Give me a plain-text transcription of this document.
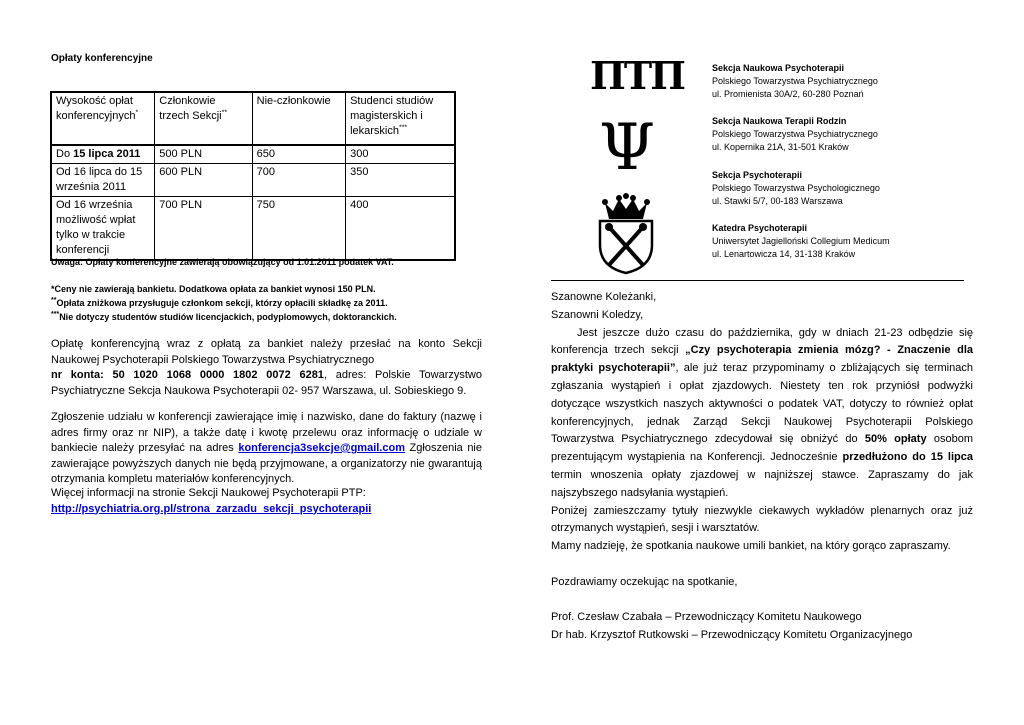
Opłaty konferencyjne
Wysokość opłat konferencyjnych*	Członkowie trzech Sekcji**	Nie-członkowie	Studenci studiów magisterskich i lekarskich***
Do 15 lipca 2011	500 PLN	650	300
Od 16 lipca do 15 września 2011	600 PLN	700	350
Od 16 września możliwość wpłat tylko w trakcie konferencji	700 PLN	750	400
Uwaga: Opłaty konferencyjne zawierają obowiązujący od 1.01.2011 podatek VAT.
*Ceny nie zawierają bankietu. Dodatkowa opłata za bankiet wynosi 150 PLN.
**Opłata zniżkowa przysługuje członkom sekcji, którzy opłacili składkę za 2011.
***Nie dotyczy studentów studiów licencjackich, podyplomowych, doktoranckich.
Opłatę konferencyjną wraz z opłatą za bankiet należy przesłać na konto Sekcji Naukowej Psychoterapii Polskiego Towarzystwa Psychiatrycznego
nr konta: 50 1020 1068 0000 1802 0072 6281, adres: Polskie Towarzystwo Psychiatryczne Sekcja Naukowa Psychoterapii 02- 957 Warszawa, ul. Sobieskiego 9.
Zgłoszenie udziału w konferencji zawierające imię i nazwisko, dane do faktury (nazwę i adres firmy oraz nr NIP), a także datę i kwotę przelewu oraz informację o udziale w bankiecie należy przesyłać na adres konferencja3sekcje@gmail.com Zgłoszenia nie zawierające powyższych danych nie będą przyjmowane, a organizatorzy nie gwarantują otrzymania kompletu materiałów konferencyjnych.
Więcej informacji na stronie Sekcji Naukowej Psychoterapii PTP:
http://psychiatria.org.pl/strona_zarzadu_sekcji_psychoterapii
ΠΤΠ
Ψ
Sekcja Naukowa Psychoterapii
Polskiego Towarzystwa Psychiatrycznego
ul. Promienista 30A/2, 60-280 Poznań
Sekcja Naukowa Terapii Rodzin
Polskiego Towarzystwa Psychiatrycznego
ul. Kopernika 21A, 31-501 Kraków
Sekcja Psychoterapii
Polskiego Towarzystwa Psychologicznego
ul. Stawki 5/7, 00-183 Warszawa
Katedra Psychoterapii
Uniwersytet Jagielloński Collegium Medicum
ul. Lenartowicza 14, 31-138 Kraków
Szanowne Koleżanki,
Szanowni Koledzy,
Jest jeszcze dużo czasu do października, gdy w dniach 21-23 odbędzie się konferencja trzech sekcji „Czy psychoterapia zmienia mózg? - Znaczenie dla praktyki psychoterapii”, ale już teraz przypominamy o zbliżających się terminach zgłaszania wystąpień i opłat zjazdowych. Niestety ten rok przyniósł podwyżki dotyczące wszystkich naszych aktywności o podatek VAT, dotyczy to również opłat konferencyjnych, jednak Zarząd Sekcji Naukowej Psychoterapii Polskiego Towarzystwa Psychiatrycznego zdecydował się obniżyć do 50% opłaty osobom prezentującym wystąpienia na Konferencji. Jednocześnie przedłużono do 15 lipca termin wnoszenia opłaty zjazdowej w najniższej stawce. Zapraszamy do jak najszybszego nadsyłania wystąpień.
Poniżej zamieszczamy tytuły niezwykle ciekawych wykładów plenarnych oraz już otrzymanych wystąpień, sesji i warsztatów.
Mamy nadzieję, że spotkania naukowe umili bankiet, na który gorąco zapraszamy.
Pozdrawiamy oczekując na spotkanie,
Prof. Czesław Czabała – Przewodniczący Komitetu Naukowego
Dr hab. Krzysztof Rutkowski – Przewodniczący Komitetu Organizacyjnego
